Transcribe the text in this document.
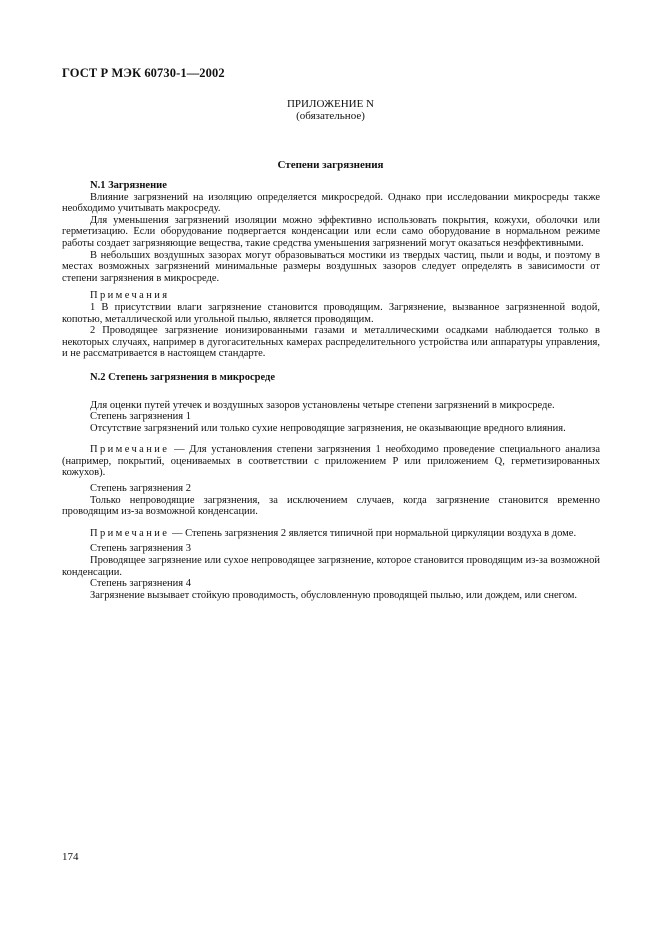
ГОСТ Р МЭК 60730-1—2002
ПРИЛОЖЕНИЕ N
(обязательное)
Степени загрязнения

N.1 Загрязнение

Влияние загрязнений на изоляцию определяется микросредой. Однако при исследовании микросреды также необходимо учитывать макросреду.

Для уменьшения загрязнений изоляции можно эффективно использовать покрытия, кожухи, оболочки или герметизацию. Если оборудование подвергается конденсации или если само оборудование в нормальном режиме работы создает загрязняющие вещества, такие средства уменьшения загрязнений могут оказаться неэффективными.

В небольших воздушных зазорах могут образовываться мостики из твердых частиц, пыли и воды, и поэтому в местах возможных загрязнений минимальные размеры воздушных зазоров следует определять в зависимости от степени загрязнения в микросреде.

Примечания

1 В присутствии влаги загрязнение становится проводящим. Загрязнение, вызванное загрязненной водой, копотью, металлической или угольной пылью, является проводящим.

2 Проводящее загрязнение ионизированными газами и металлическими осадками наблюдается только в некоторых случаях, например в дугогасительных камерах распределительного устройства или аппаратуры управления, и не рассматривается в настоящем стандарте.

N.2 Степень загрязнения в микросреде

Для оценки путей утечек и воздушных зазоров установлены четыре степени загрязнений в микросреде.

Степень загрязнения 1

Отсутствие загрязнений или только сухие непроводящие загрязнения, не оказывающие вредного влияния.

Примечание — Для установления степени загрязнения 1 необходимо проведение специального анализа (например, покрытий, оцениваемых в соответствии с приложением P или приложением Q, герметизированных кожухов).

Степень загрязнения 2

Только непроводящие загрязнения, за исключением случаев, когда загрязнение становится временно проводящим из-за возможной конденсации.

Примечание — Степень загрязнения 2 является типичной при нормальной циркуляции воздуха в доме.

Степень загрязнения 3

Проводящее загрязнение или сухое непроводящее загрязнение, которое становится проводящим из-за возможной конденсации.

Степень загрязнения 4

Загрязнение вызывает стойкую проводимость, обусловленную проводящей пылью, или дождем, или снегом.

174
